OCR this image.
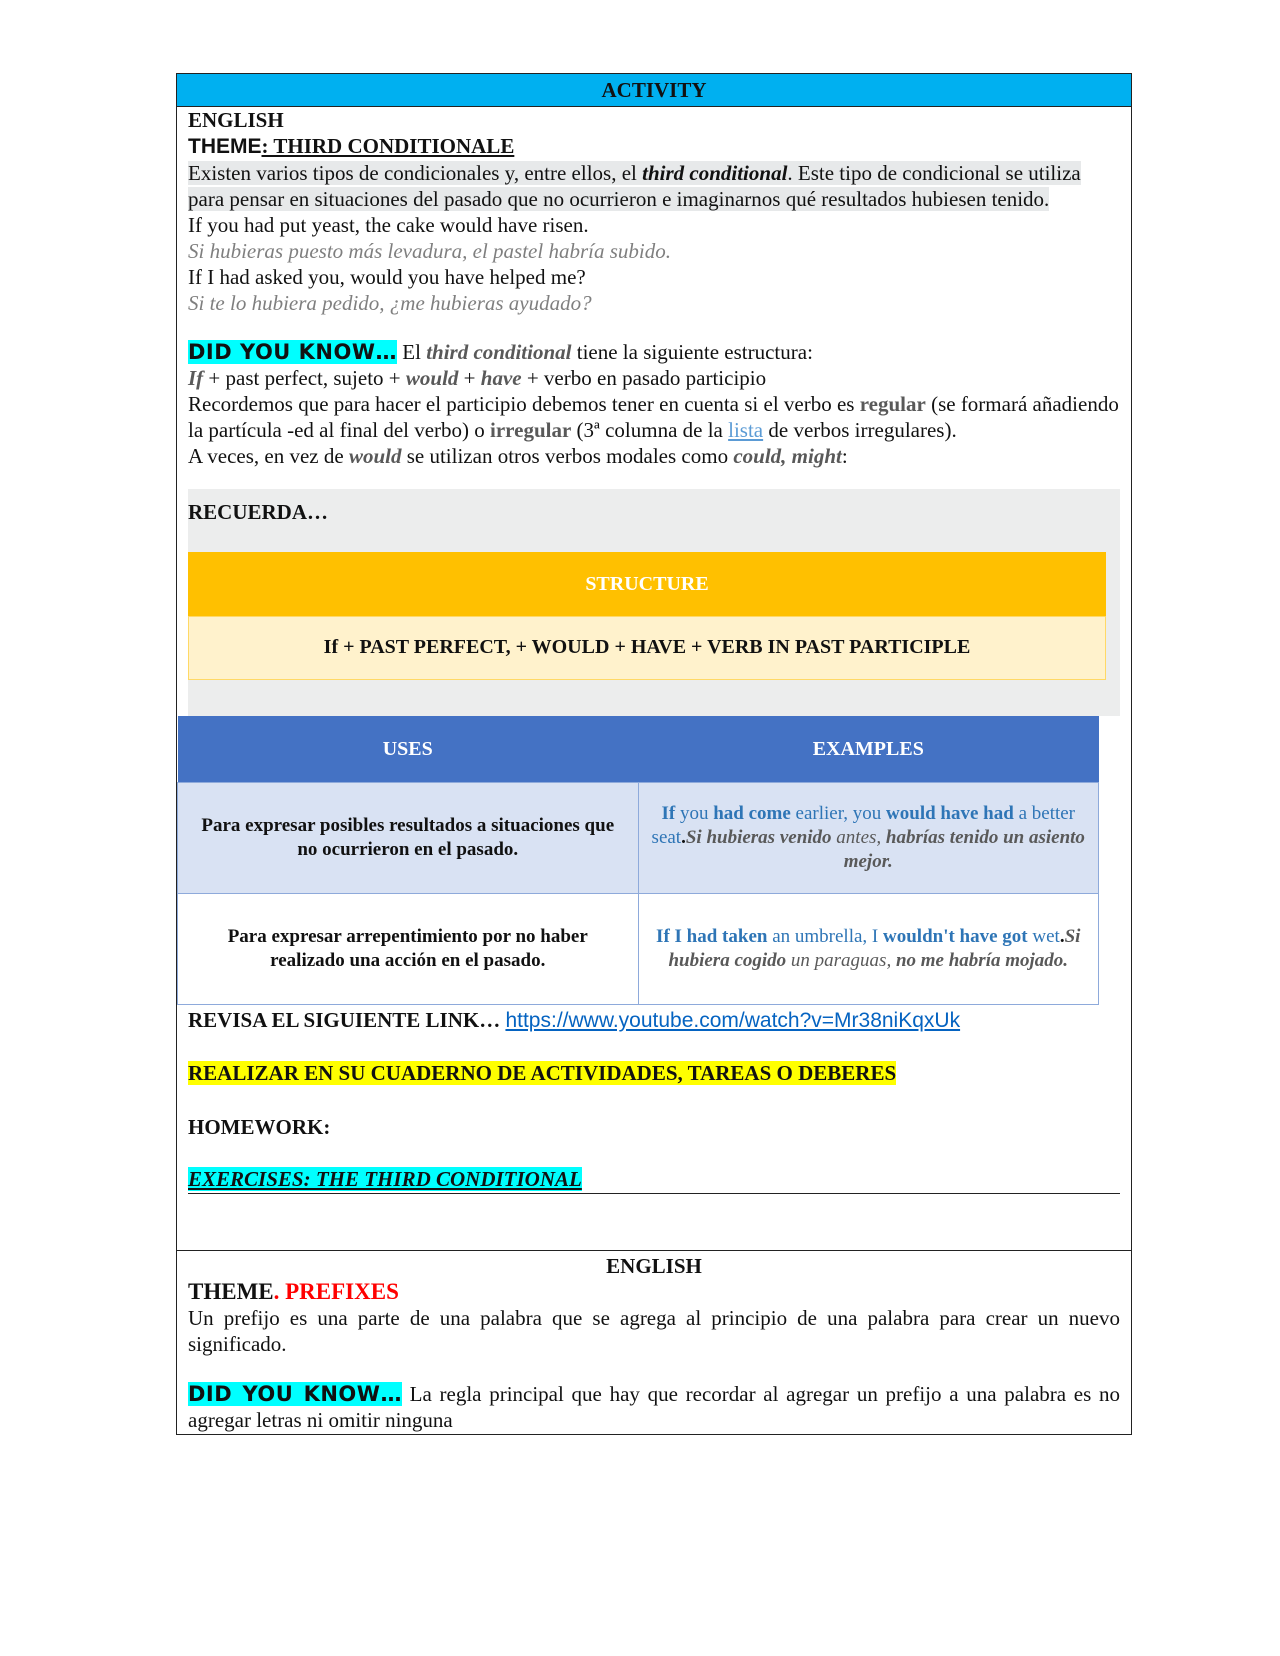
ACTIVITY
ENGLISH
THEME: THIRD CONDITIONALE
Existen varios tipos de condicionales y, entre ellos, el third conditional. Este tipo de condicional se utiliza para pensar en situaciones del pasado que no ocurrieron e imaginarnos qué resultados hubiesen tenido.
If you had put yeast, the cake would have risen.
Si hubieras puesto más levadura, el pastel habría subido.
If I had asked you, would you have helped me?
Si te lo hubiera pedido, ¿me hubieras ayudado?
DID YOU KNOW… El third conditional tiene la siguiente estructura:
If + past perfect, sujeto + would + have + verbo en pasado participio
Recordemos que para hacer el participio debemos tener en cuenta si el verbo es regular (se formará añadiendo la partícula -ed al final del verbo) o irregular (3ª columna de la lista de verbos irregulares).
A veces, en vez de would se utilizan otros verbos modales como could, might:
RECUERDA…
STRUCTURE
If + PAST PERFECT, + WOULD + HAVE + VERB IN PAST PARTICIPLE
USES	EXAMPLES
Para expresar posibles resultados a situaciones que no ocurrieron en el pasado.	If you had come earlier, you would have had a better seat.Si hubieras venido antes, habrías tenido un asiento mejor.
Para expresar arrepentimiento por no haber realizado una acción en el pasado.	If I had taken an umbrella, I wouldn't have got wet.Si hubiera cogido un paraguas, no me habría mojado.
REVISA EL SIGUIENTE LINK… https://www.youtube.com/watch?v=Mr38niKqxUk
REALIZAR EN SU CUADERNO DE ACTIVIDADES, TAREAS O DEBERES
HOMEWORK:
EXERCISES: THE THIRD CONDITIONAL
ENGLISH
THEME. PREFIXES
Un prefijo es una parte de una palabra que se agrega al principio de una palabra para crear un nuevo significado.
DID YOU KNOW… La regla principal que hay que recordar al agregar un prefijo a una palabra es no agregar letras ni omitir ninguna
